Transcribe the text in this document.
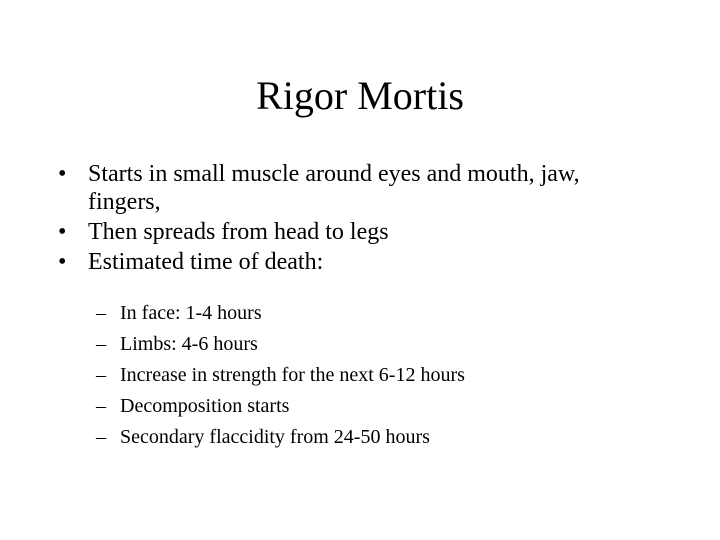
Rigor Mortis
• Starts in small muscle around eyes and mouth, jaw, fingers,
• Then spreads from head to legs
• Estimated time of death:
– In face: 1-4 hours
– Limbs: 4-6 hours
– Increase in strength for the next 6-12 hours
– Decomposition starts
– Secondary flaccidity from 24-50 hours
